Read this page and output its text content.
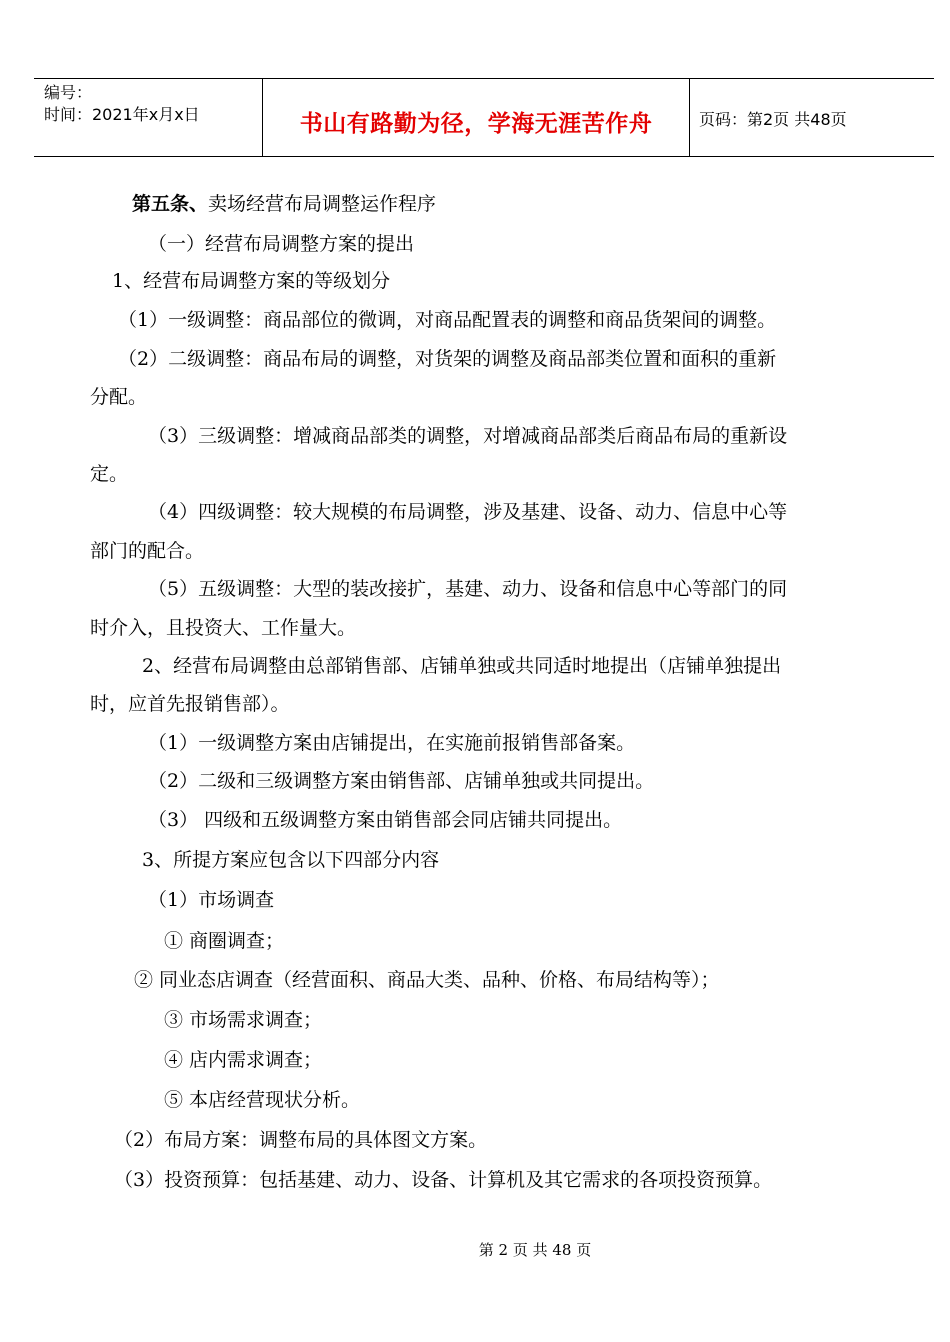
编号：
时间：2021年x月x日	书山有路勤为径，学海无涯苦作舟	页码：第2页 共48页
第五条、卖场经营布局调整运作程序
（一）经营布局调整方案的提出
1、经营布局调整方案的等级划分
（1）一级调整：商品部位的微调，对商品配置表的调整和商品货架间的调整。
（2）二级调整：商品布局的调整，对货架的调整及商品部类位置和面积的重新
分配。
（3）三级调整：增减商品部类的调整，对增减商品部类后商品布局的重新设
定。
（4）四级调整：较大规模的布局调整，涉及基建、设备、动力、信息中心等
部门的配合。
（5）五级调整：大型的装改接扩，基建、动力、设备和信息中心等部门的同
时介入，且投资大、工作量大。
2、经营布局调整由总部销售部、店铺单独或共同适时地提出（店铺单独提出
时，应首先报销售部）。
（1）一级调整方案由店铺提出，在实施前报销售部备案。
（2）二级和三级调整方案由销售部、店铺单独或共同提出。
（3） 四级和五级调整方案由销售部会同店铺共同提出。
3、所提方案应包含以下四部分内容
（1）市场调查
① 商圈调查；
② 同业态店调查（经营面积、商品大类、品种、价格、布局结构等）；
③ 市场需求调查；
④ 店内需求调查；
⑤ 本店经营现状分析。
（2）布局方案：调整布局的具体图文方案。
（3）投资预算：包括基建、动力、设备、计算机及其它需求的各项投资预算。
第 2 页 共 48 页
